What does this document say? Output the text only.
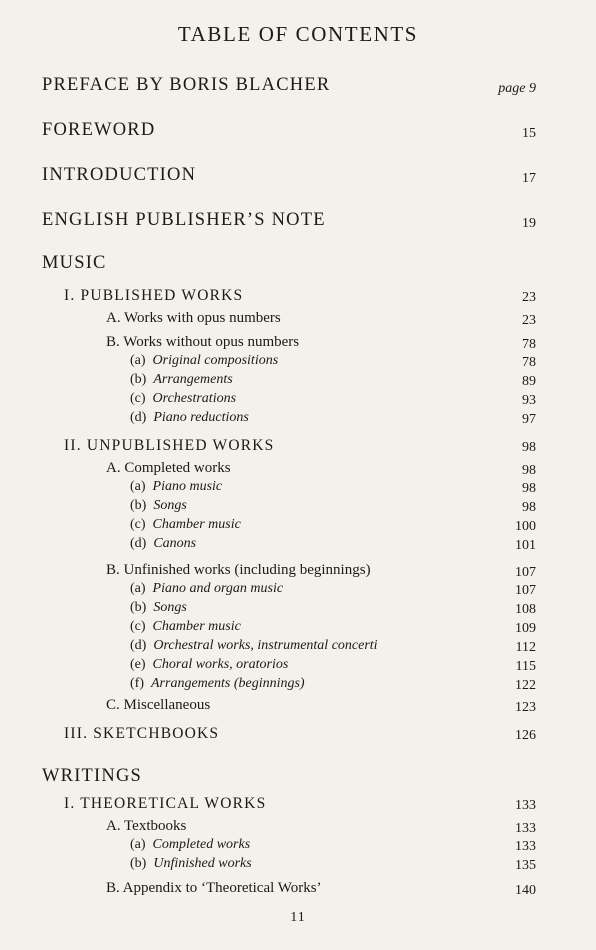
TABLE OF CONTENTS
PREFACE BY BORIS BLACHER	page 9
FOREWORD	15
INTRODUCTION	17
ENGLISH PUBLISHER’S NOTE	19
MUSIC
I. PUBLISHED WORKS	23
A. Works with opus numbers	23
B. Works without opus numbers	78
(a) Original compositions	78
(b) Arrangements	89
(c) Orchestrations	93
(d) Piano reductions	97
II. UNPUBLISHED WORKS	98
A. Completed works	98
(a) Piano music	98
(b) Songs	98
(c) Chamber music	100
(d) Canons	101
B. Unfinished works (including beginnings)	107
(a) Piano and organ music	107
(b) Songs	108
(c) Chamber music	109
(d) Orchestral works, instrumental concerti	112
(e) Choral works, oratorios	115
(f) Arrangements (beginnings)	122
C. Miscellaneous	123
III. SKETCHBOOKS	126
WRITINGS
I. THEORETICAL WORKS	133
A. Textbooks	133
(a) Completed works	133
(b) Unfinished works	135
B. Appendix to ‘Theoretical Works’	140
11
